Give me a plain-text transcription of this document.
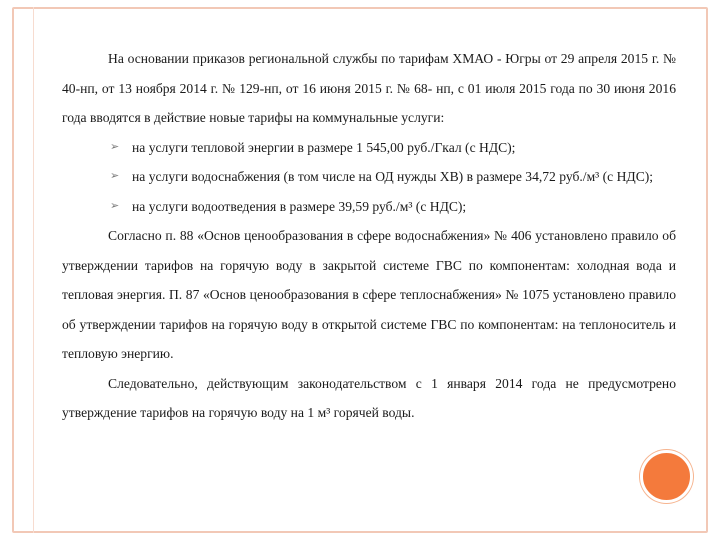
На основании приказов региональной службы по тарифам ХМАО - Югры от 29 апреля 2015 г. № 40-нп, от 13 ноября 2014 г. № 129-нп, от 16 июня 2015 г. № 68- нп, с 01 июля 2015 года по 30 июня 2016 года вводятся в действие новые тарифы на коммунальные услуги:

➢ на услуги тепловой энергии в размере 1 545,00 руб./Гкал (с НДС);
➢ на услуги водоснабжения (в том числе на ОД нужды ХВ) в размере 34,72 руб./м³ (с НДС);
➢ на услуги водоотведения в размере 39,59 руб./м³ (с НДС);

Согласно п. 88 «Основ ценообразования в сфере водоснабжения» № 406 установлено правило об утверждении тарифов на горячую воду в закрытой системе ГВС по компонентам: холодная вода и тепловая энергия. П. 87 «Основ ценообразования в сфере теплоснабжения» № 1075 установлено правило об утверждении тарифов на горячую воду в открытой системе ГВС по компонентам: на теплоноситель и тепловую энергию.

Следовательно, действующим законодательством с 1 января 2014 года не предусмотрено утверждение тарифов на горячую воду на 1 м³ горячей воды.
